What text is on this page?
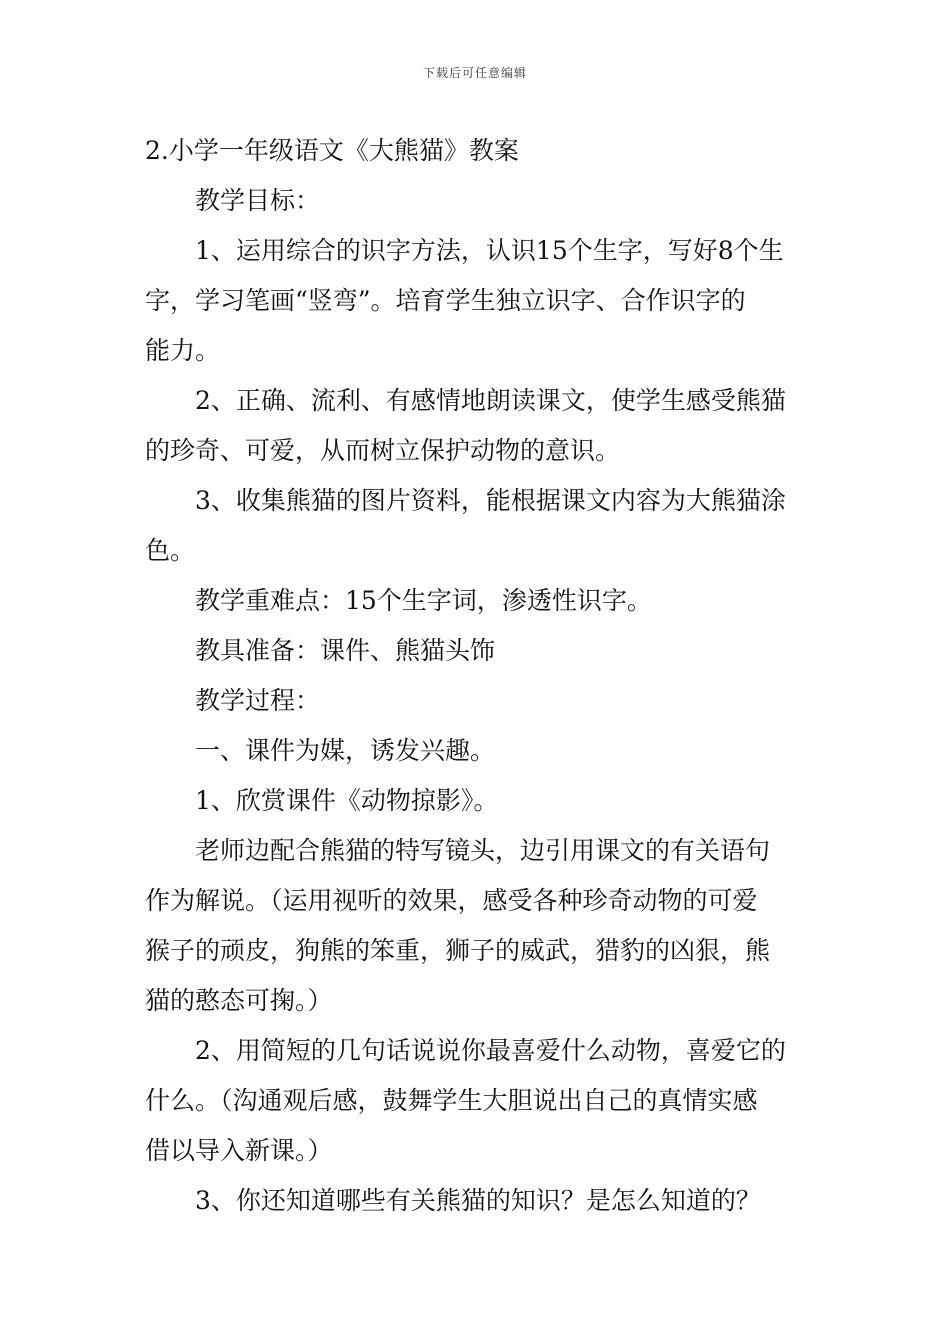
下载后可任意编辑
2.小学一年级语文《大熊猫》教案
教学目标：
1、运用综合的识字方法，认识15个生字，写好8个生
字，学习笔画“竖弯”。培育学生独立识字、合作识字的
能力。
2、正确、流利、有感情地朗读课文，使学生感受熊猫
的珍奇、可爱，从而树立保护动物的意识。
3、收集熊猫的图片资料，能根据课文内容为大熊猫涂
色。
教学重难点：15个生字词，渗透性识字。
教具准备：课件、熊猫头饰
教学过程：
一、课件为媒，诱发兴趣。
1、欣赏课件《动物掠影》。
老师边配合熊猫的特写镜头，边引用课文的有关语句
作为解说。（运用视听的效果，感受各种珍奇动物的可爱
猴子的顽皮，狗熊的笨重，狮子的威武，猎豹的凶狠，熊
猫的憨态可掬。）
2、用简短的几句话说说你最喜爱什么动物，喜爱它的
什么。（沟通观后感，鼓舞学生大胆说出自己的真情实感
借以导入新课。）
3、你还知道哪些有关熊猫的知识？是怎么知道的？
